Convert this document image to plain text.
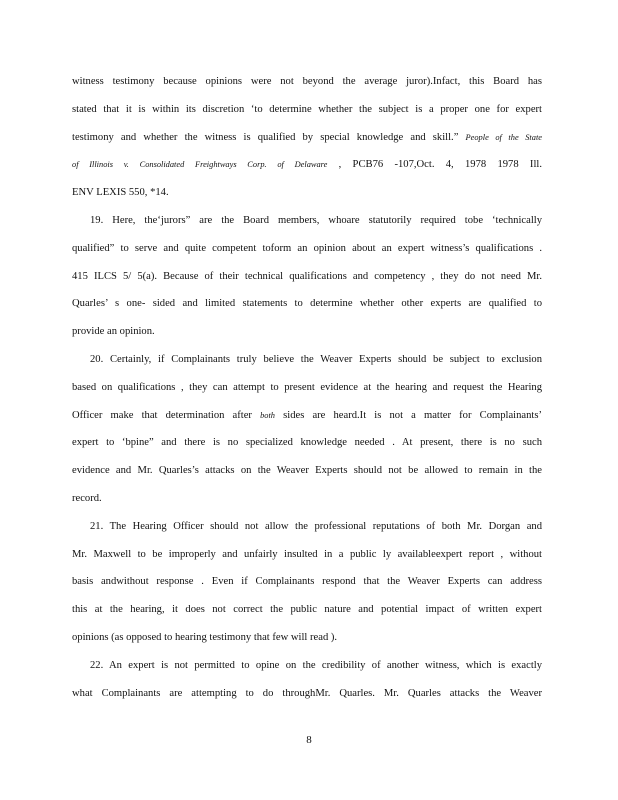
witness testimony because opinions were not beyond the average juror).Infact, this Board has
stated that it is within its discretion ‘to determine whether the subject is a proper one for expert
testimony and whether the witness is qualified by special knowledge and skill.” People of the State
of Illinois v. Consolidated Freightways Corp. of Delaware , PCB76 -107,Oct. 4, 1978 1978 Ill.
ENV LEXIS 550, *14.

19. Here, the‘jurors” are the Board members, whoare statutorily required tobe ‘technically
qualified” to serve and quite competent toform an opinion about an expert witness’s qualifications .
415 ILCS 5/ 5(a). Because of their technical qualifications and competency , they do not need Mr.
Quarles’ s one- sided and limited statements to determine whether other experts are qualified to
provide an opinion.

20. Certainly, if Complainants truly believe the Weaver Experts should be subject to exclusion
based on qualifications , they can attempt to present evidence at the hearing and request the Hearing
Officer make that determination after both sides are heard.It is not a matter for Complainants’
expert to ‘bpine” and there is no specialized knowledge needed . At present, there is no such
evidence and Mr. Quarles’s attacks on the Weaver Experts should not be allowed to remain in the
record.

21. The Hearing Officer should not allow the professional reputations of both Mr. Dorgan and
Mr. Maxwell to be improperly and unfairly insulted in a public ly availableexpert report , without
basis andwithout response . Even if Complainants respond that the Weaver Experts can address
this at the hearing, it does not correct the public nature and potential impact of written expert
opinions (as opposed to hearing testimony that few will read ).

22. An expert is not permitted to opine on the credibility of another witness, which is exactly
what Complainants are attempting to do throughMr. Quarles. Mr. Quarles attacks the Weaver

8
